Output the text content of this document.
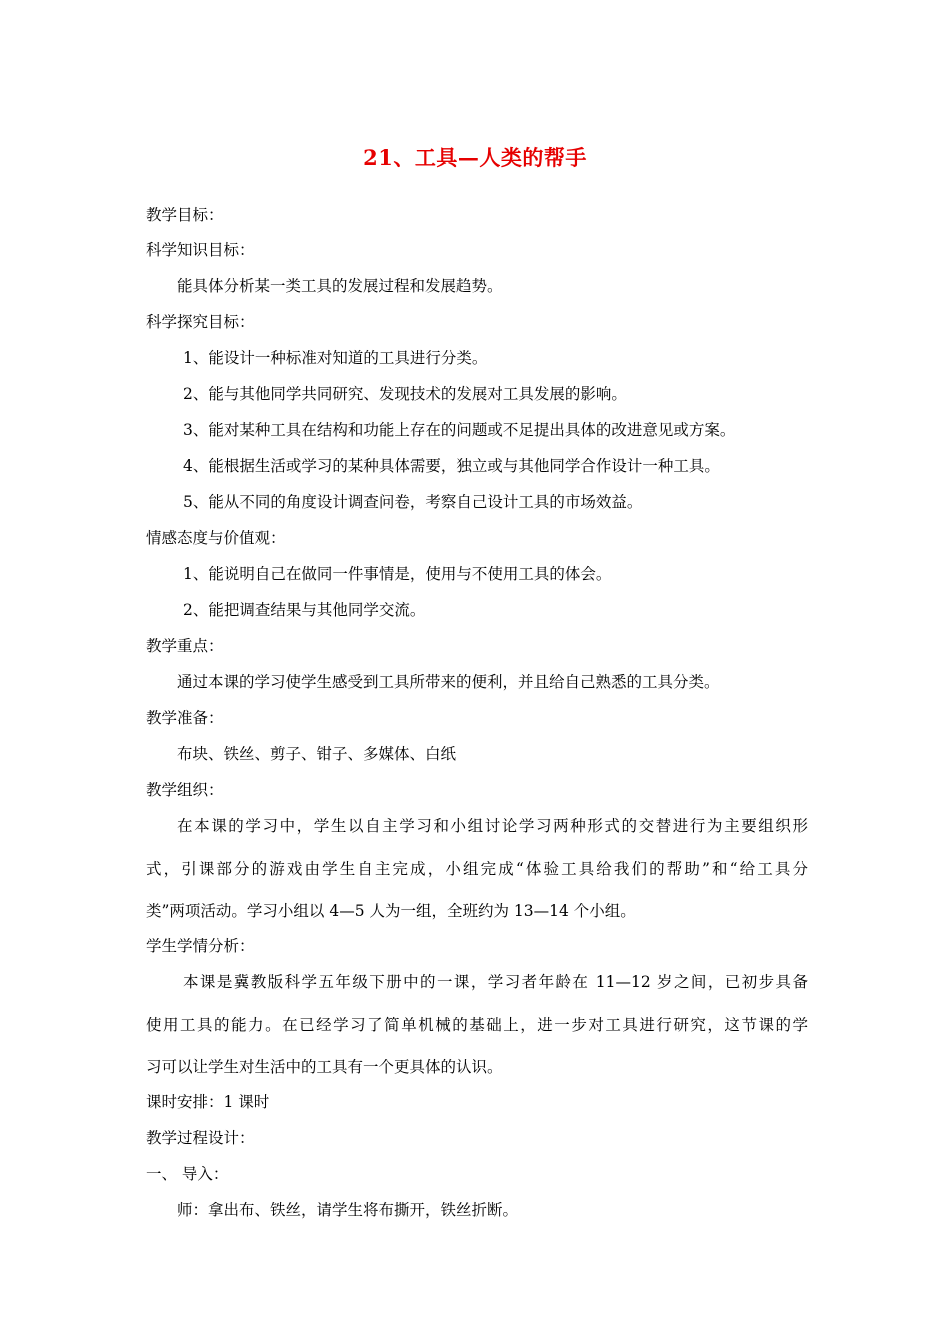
21、工具—人类的帮手
教学目标：
科学知识目标：
能具体分析某一类工具的发展过程和发展趋势。
科学探究目标：
1、能设计一种标准对知道的工具进行分类。
2、能与其他同学共同研究、发现技术的发展对工具发展的影响。
3、能对某种工具在结构和功能上存在的问题或不足提出具体的改进意见或方案。
4、能根据生活或学习的某种具体需要，独立或与其他同学合作设计一种工具。
5、能从不同的角度设计调查问卷，考察自己设计工具的市场效益。
情感态度与价值观：
1、能说明自己在做同一件事情是，使用与不使用工具的体会。
2、能把调查结果与其他同学交流。
教学重点：
通过本课的学习使学生感受到工具所带来的便利，并且给自己熟悉的工具分类。
教学准备：
布块、铁丝、剪子、钳子、多媒体、白纸
教学组织：
在本课的学习中，学生以自主学习和小组讨论学习两种形式的交替进行为主要组织形
式，引课部分的游戏由学生自主完成，小组完成“体验工具给我们的帮助”和“给工具分
类”两项活动。学习小组以 4—5 人为一组，全班约为 13—14 个小组。
学生学情分析：
本课是冀教版科学五年级下册中的一课，学习者年龄在 11—12 岁之间，已初步具备
使用工具的能力。在已经学习了简单机械的基础上，进一步对工具进行研究，这节课的学
习可以让学生对生活中的工具有一个更具体的认识。
课时安排：1 课时
教学过程设计：
一、 导入：
师：拿出布、铁丝，请学生将布撕开，铁丝折断。
